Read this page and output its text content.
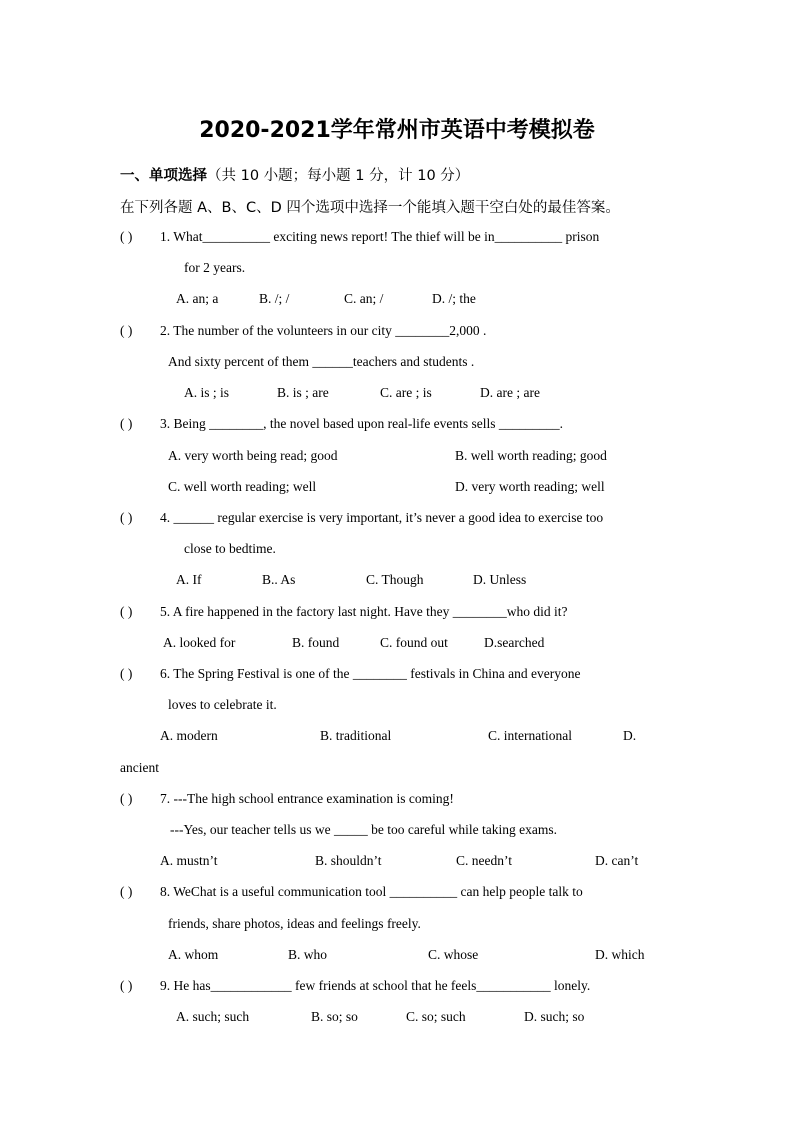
2020-2021学年常州市英语中考模拟卷
一、单项选择（共 10 小题；每小题 1 分，计 10 分）
在下列各题 A、B、C、D 四个选项中选择一个能填入题干空白处的最佳答案。
( ) 1. What__________ exciting news report! The thief will be in__________ prison
for 2 years.
A. an; a	B. /; /	C. an; /	D. /; the
( ) 2. The number of the volunteers in our city ________2,000 .
And sixty percent of them ______teachers and students .
A. is ; is	B. is ; are	C. are ; is	D. are ; are
( ) 3. Being ________, the novel based upon real-life events sells _________.
A. very worth being read; good	B. well worth reading; good
C. well worth reading; well	D. very worth reading; well
( ) 4. ______ regular exercise is very important, it’s never a good idea to exercise too
close to bedtime.
A. If	B.. As	C. Though	D. Unless
( ) 5. A fire happened in the factory last night. Have they ________who did it?
A. looked for	B. found	C. found out	D.searched
( ) 6. The Spring Festival is one of the ________ festivals in China and everyone
loves to celebrate it.
A. modern	B. traditional	C. international	D.
ancient
( ) 7. ---The high school entrance examination is coming!
---Yes, our teacher tells us we _____ be too careful while taking exams.
A. mustn’t	B. shouldn’t	C. needn’t	D. can’t
( ) 8. WeChat is a useful communication tool __________ can help people talk to
friends, share photos, ideas and feelings freely.
A. whom	B. who	C. whose	D. which
( ) 9. He has____________ few friends at school that he feels___________ lonely.
A. such; such	B. so; so	C. so; such	D. such; so
